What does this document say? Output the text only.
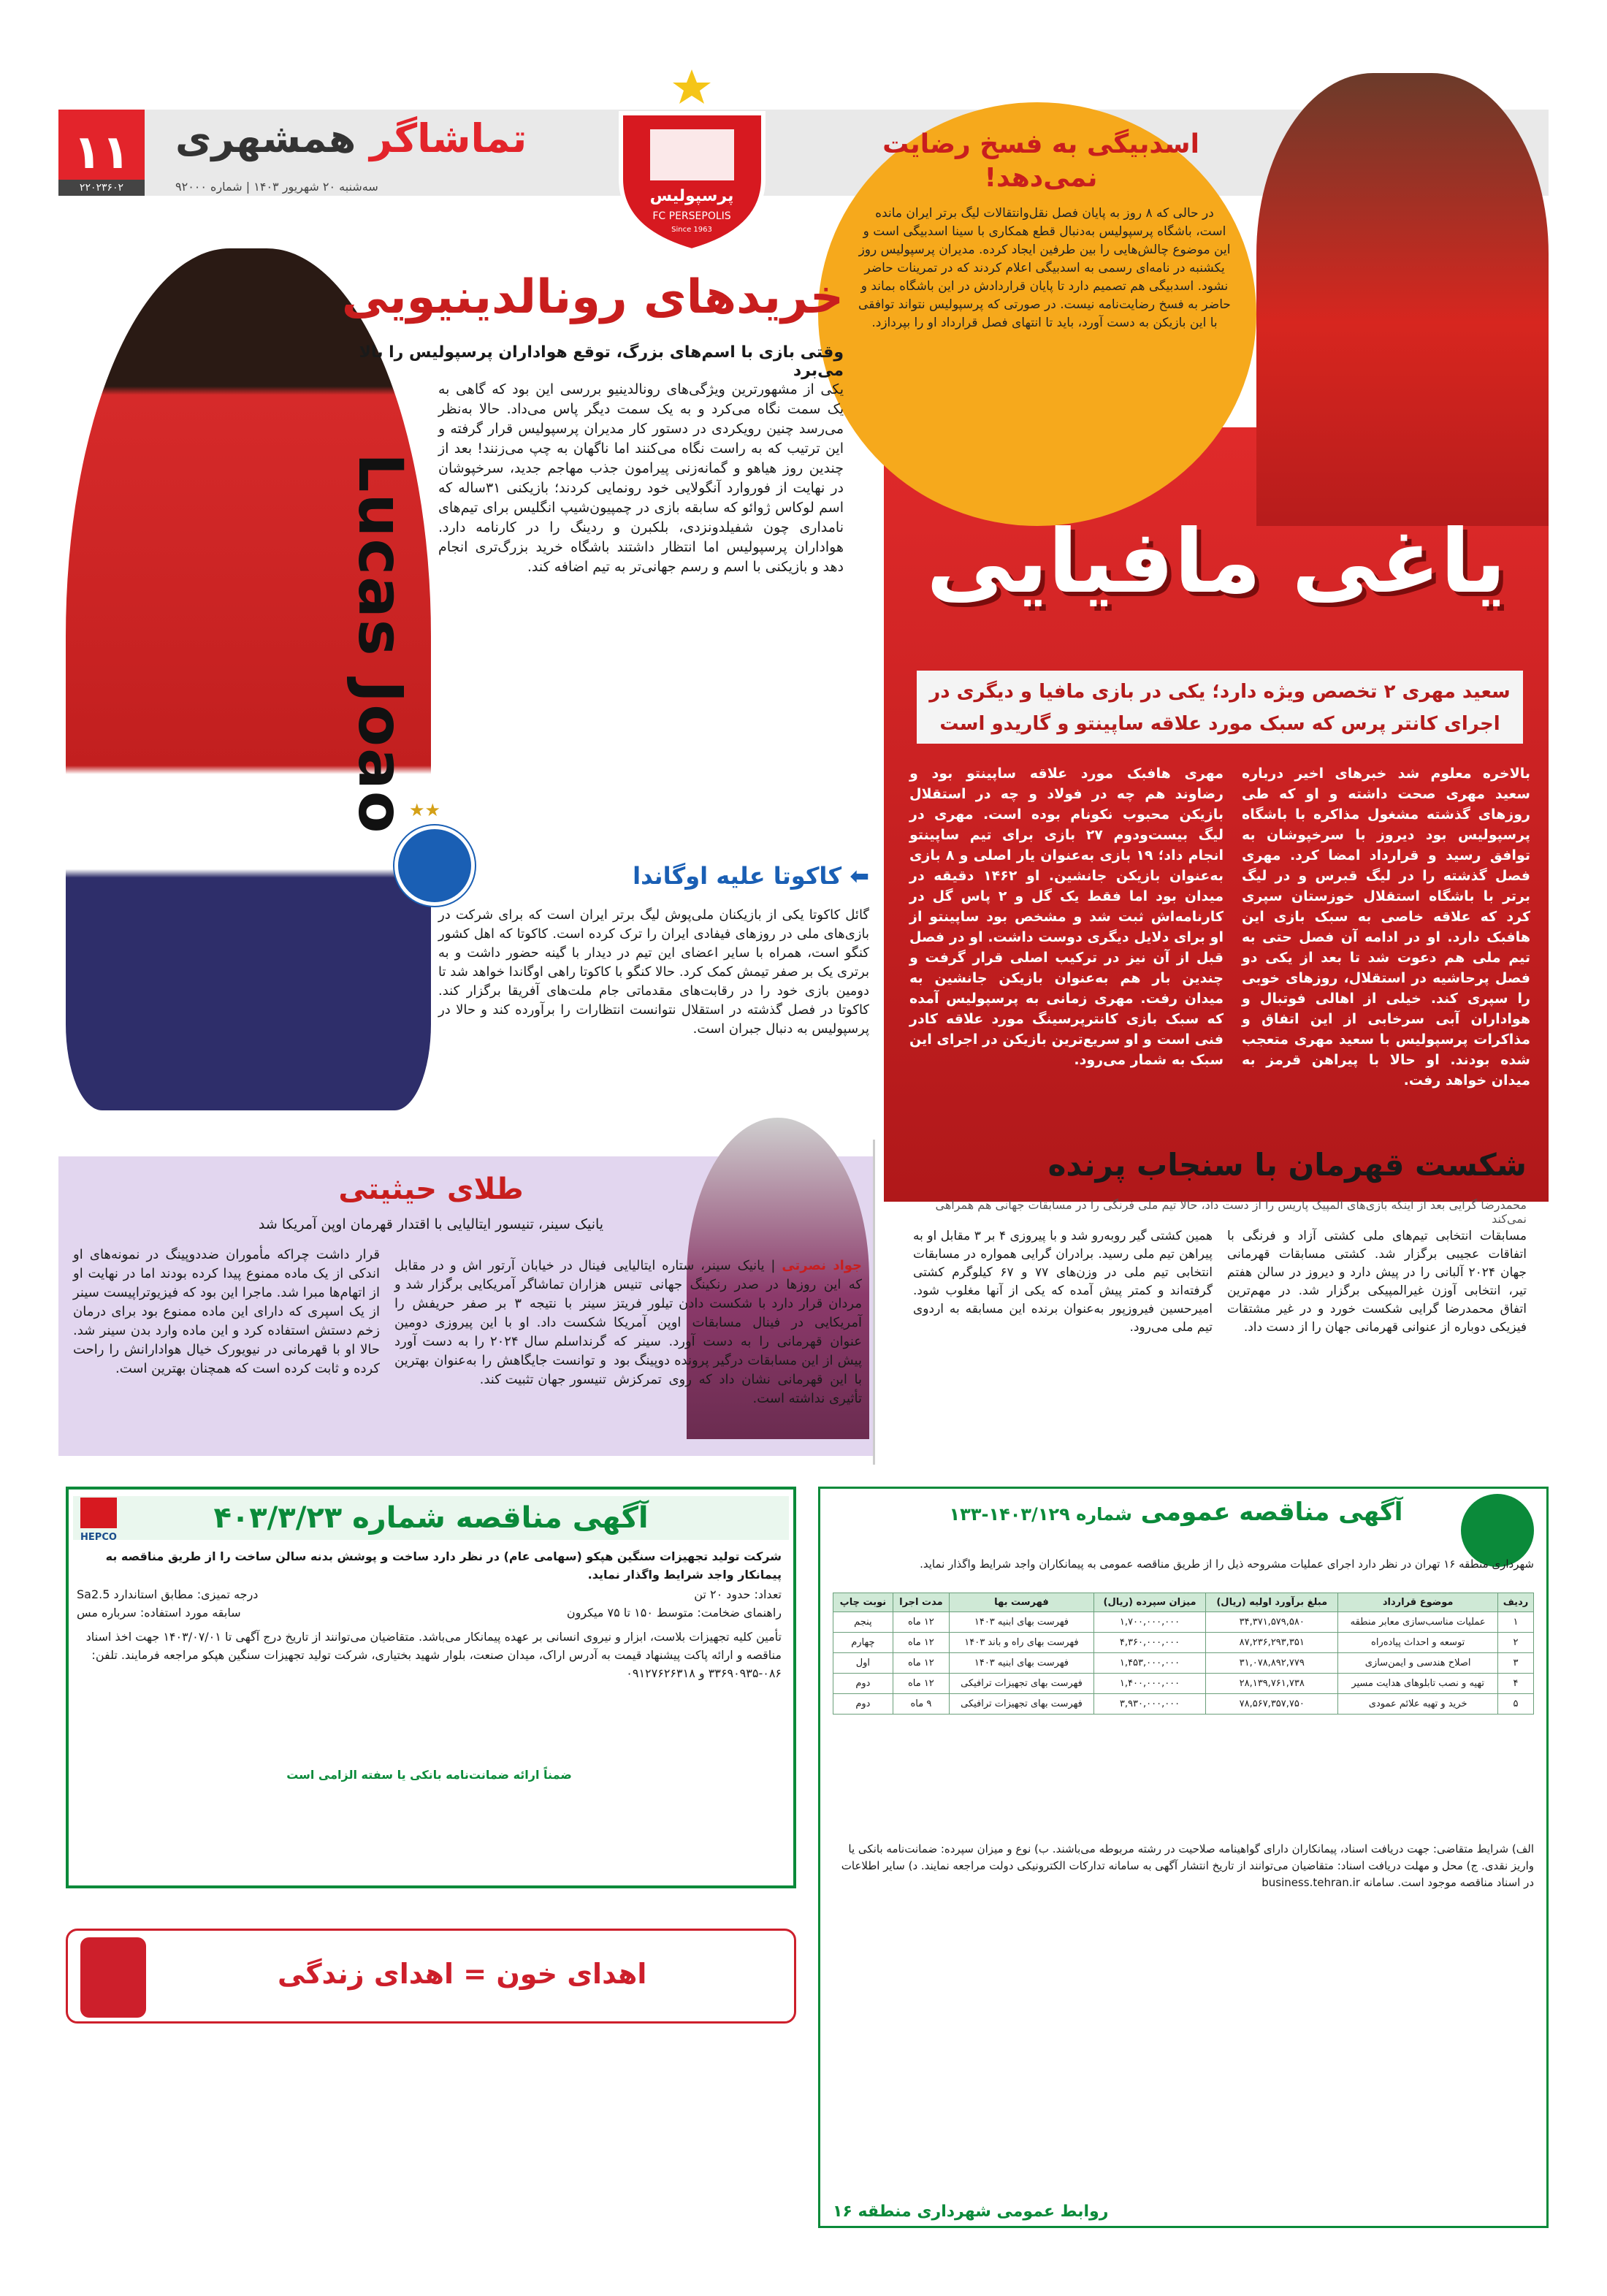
۱۱
۲۲۰۲۳۶۰۲
تماشاگر همشهری
سه‌شنبه ۲۰ شهریور ۱۴۰۳ | شماره ۹۲۰۰۰
پرسپولیس
FC PERSEPOLIS
Since 1963
اسدبیگی به فسخ رضایت نمی‌دهد!
در حالی که ۸ روز به پایان فصل نقل‌وانتقالات لیگ برتر ایران مانده است، باشگاه پرسپولیس به‌دنبال قطع همکاری با سینا اسدبیگی است و این موضوع چالش‌هایی را بین طرفین ایجاد کرده. مدیران پرسپولیس روز یکشنبه در نامه‌ای رسمی به اسدبیگی اعلام کردند که در تمرینات حاضر نشود. اسدبیگی هم تصمیم دارد تا پایان قراردادش در این باشگاه بماند و حاضر به فسخ رضایت‌نامه نیست. در صورتی که پرسپولیس نتواند توافقی با این بازیکن به دست آورد، باید تا انتهای فصل قرارداد او را بپردازد.
یاغی مافیایی
سعید مهری ۲ تخصص ویژه دارد؛ یکی در بازی مافیا و دیگری در اجرای کانتر پرس که سبک مورد علاقه ساپینتو و گاریدو است
بالاخره معلوم شد خبرهای اخیر درباره سعید مهری صحت داشته و او که طی روزهای گذشته مشغول مذاکره با باشگاه پرسپولیس بود دیروز با سرخپوشان به توافق رسید و قرارداد امضا کرد. مهری فصل گذشته را در لیگ قبرس و در لیگ برتر با باشگاه استقلال خوزستان سپری کرد که علاقه خاصی به سبک بازی این هافبک دارد. او در ادامه آن فصل حتی به تیم ملی هم دعوت شد تا بعد از یکی دو فصل پرحاشیه در استقلال، روزهای خوبی را سپری کند. خیلی از اهالی فوتبال و هواداران آبی سرخابی از این اتفاق و مذاکرات پرسپولیس با سعید مهری متعجب شده بودند. او حالا با پیراهن قرمز به میدان خواهد رفت.
مهری هافبک مورد علاقه ساپینتو بود و رضاوند هم چه در فولاد و چه در استقلال بازیکن محبوب نکونام بوده است. مهری در لیگ بیست‌ودوم ۲۷ بازی برای تیم ساپینتو انجام داد؛ ۱۹ بازی به‌عنوان یار اصلی و ۸ بازی به‌عنوان بازیکن جانشین. او ۱۴۶۲ دقیقه در میدان بود اما فقط یک گل و ۲ پاس گل در کارنامه‌اش ثبت شد و مشخص بود ساپینتو از او برای دلایل دیگری دوست داشت. او در فصل قبل از آن نیز در ترکیب اصلی قرار گرفت و چندین بار هم به‌عنوان بازیکن جانشین به میدان رفت. مهری زمانی به پرسپولیس آمده که سبک بازی کانترپرسینگ مورد علاقه کادر فنی است و او سریع‌ترین بازیکن در اجرای این سبک به شمار می‌رود.
خریدهای رونالدینیویی
وقتی بازی با اسم‌های بزرگ، توقع هواداران پرسپولیس را بالا می‌برد
یکی از مشهورترین ویژگی‌های رونالدینیو بررسی این بود که گاهی به یک سمت نگاه می‌کرد و به یک سمت دیگر پاس می‌داد. حالا به‌نظر می‌رسد چنین رویکردی در دستور کار مدیران پرسپولیس قرار گرفته و این ترتیب که به راست نگاه می‌کنند اما ناگهان به چپ می‌زنند! بعد از چندین روز هیاهو و گمانه‌زنی پیرامون جذب مهاجم جدید، سرخپوشان در نهایت از فوروارد آنگولایی خود رونمایی کردند؛ بازیکنی ۳۱ساله که اسم لوکاس ژوائو که سابقه بازی در چمپیون‌شیپ انگلیس برای تیم‌های نامداری چون شفیلدونزدی، بلکبرن و ردینگ را در کارنامه دارد. هواداران پرسپولیس اما انتظار داشتند باشگاه خرید بزرگ‌تری انجام دهد و بازیکنی با اسم و رسم جهانی‌تر به تیم اضافه کند.
Lucas Joao
★★
⬅ کاکوتا علیه اوگاندا
گائل کاکوتا یکی از بازیکنان ملی‌پوش لیگ برتر ایران است که برای شرکت در بازی‌های ملی در روزهای فیفادی ایران را ترک کرده است. کاکوتا که اهل کشور کنگو است، همراه با سایر اعضای این تیم در دیدار با گینه حضور داشت و به برتری یک بر صفر تیمش کمک کرد. حالا کنگو با کاکوتا راهی اوگاندا خواهد شد تا دومین بازی خود را در رقابت‌های مقدماتی جام ملت‌های آفریقا برگزار کند. کاکوتا در فصل گذشته در استقلال نتوانست انتظارات را برآورده کند و حالا در پرسپولیس به دنبال جبران است.
طلای حیثیتی
یانیک سینر، تنیسور ایتالیایی با اقتدار قهرمان اوپن آمریکا شد
جواد نصرتی | یانیک سینر، ستاره ایتالیایی که این روزها در صدر رنکینگ جهانی تنیس مردان قرار دارد با شکست دادن تیلور فریتز آمریکایی در فینال مسابقات اوپن آمریکا عنوان قهرمانی را به دست آورد. سینر که پیش از این مسابقات درگیر پرونده دوپینگ بود با این قهرمانی نشان داد که روی تمرکزش تأثیری نداشته است.
فینال در خیابان آرتور اش و در مقابل هزاران تماشاگر آمریکایی برگزار شد و سینر با نتیجه ۳ بر صفر حریفش را شکست داد. او با این پیروزی دومین گرنداسلم سال ۲۰۲۴ را به دست آورد و توانست جایگاهش را به‌عنوان بهترین تنیسور جهان تثبیت کند.
قرار داشت چراکه مأموران ضددوپینگ در نمونه‌های او اندکی از یک ماده ممنوع پیدا کرده بودند اما در نهایت او از اتهام‌ها مبرا شد. ماجرا این بود که فیزیوتراپیست سینر از یک اسپری که دارای این ماده ممنوع بود برای درمان زخم دستش استفاده کرد و این ماده وارد بدن سینر شد. حالا او با قهرمانی در نیویورک خیال هوادارانش را راحت کرده و ثابت کرده است که همچنان بهترین است.
شکست قهرمان با سنجاب پرنده
محمدرضا گرایی بعد از اینکه بازی‌های المپیک پاریس را از دست داد، حالا تیم ملی فرنگی را در مسابقات جهانی هم همراهی نمی‌کند
مسابقات انتخابی تیم‌های ملی کشتی آزاد و فرنگی با اتفاقات عجیبی برگزار شد. کشتی مسابقات قهرمانی جهان ۲۰۲۴ آلبانی را در پیش دارد و دیروز در سالن هفتم تیر، انتخابی آوزن غیرالمپیکی برگزار شد. در مهم‌ترین اتفاق محمدرضا گرایی شکست خورد و در غیر مشتقات فیزیکی دوباره از عنوانی قهرمانی جهان را از دست داد.
همین کشتی گیر روبه‌رو شد و با پیروزی ۴ بر ۳ مقابل او به پیراهن تیم ملی رسید. برادران گرایی همواره در مسابقات انتخابی تیم ملی در وزن‌های ۷۷ و ۶۷ کیلوگرم کشتی گرفته‌اند و کمتر پیش آمده که یکی از آنها مغلوب شود. امیرحسین فیروزپور به‌عنوان برنده این مسابقه به اردوی تیم ملی می‌رود.
آگهی مناقصه شماره ۴۰۳/۳/۲۳
HEPCO

شرکت تولید تجهیزات سنگین هپکو (سهامی عام) در نظر دارد ساخت و پوشش بدنه سالن ساخت را از طریق مناقصه به پیمانکار واجد شرایط واگذار نماید.

تعداد: حدود ۲۰ تن
درجه تمیزی: مطابق استاندارد Sa2.5
راهنمای ضخامت: متوسط ۱۵۰ تا ۷۵ میکرون
سابقه مورد استفاده: سرباره مس

تأمین کلیه تجهیزات بلاست، ابزار و نیروی انسانی بر عهده پیمانکار می‌باشد. متقاضیان می‌توانند از تاریخ درج آگهی تا ۱۴۰۳/۰۷/۰۱ جهت اخذ اسناد مناقصه و ارائه پاکت پیشنهاد قیمت به آدرس اراک، میدان صنعت، بلوار شهید بختیاری، شرکت تولید تجهیزات سنگین هپکو مراجعه فرمایند. تلفن: ۰۸۶-۳۳۶۹۰۹۳۵ و ۰۹۱۲۷۶۲۶۳۱۸

ضمناً ارائه ضمانت‌نامه بانکی یا سفته الزامی است
اهدای خون = اهدای زندگی
آگهی مناقصه عمومی شماره ۱۴۰۳/۱۲۹-۱۳۳
شهرداری منطقه ۱۶ تهران در نظر دارد اجرای عملیات مشروحه ذیل را از طریق مناقصه عمومی به پیمانکاران واجد شرایط واگذار نماید.
ردیف	موضوع قرارداد	مبلغ برآورد اولیه (ریال)	میزان سپرده (ریال)	فهرست بها	مدت اجرا	نوبت چاپ
۱	عملیات مناسب‌سازی معابر منطقه	۳۴,۳۷۱,۵۷۹,۵۸۰	۱,۷۰۰,۰۰۰,۰۰۰	فهرست بهای ابنیه ۱۴۰۳	۱۲ ماه	پنجم
۲	توسعه و احداث پیاده‌راه	۸۷,۲۳۶,۲۹۳,۳۵۱	۴,۳۶۰,۰۰۰,۰۰۰	فهرست بهای راه و باند ۱۴۰۳	۱۲ ماه	چهارم
۳	اصلاح هندسی و ایمن‌سازی	۳۱,۰۷۸,۸۹۲,۷۷۹	۱,۴۵۳,۰۰۰,۰۰۰	فهرست بهای ابنیه ۱۴۰۳	۱۲ ماه	اول
۴	تهیه و نصب تابلوهای هدایت مسیر	۲۸,۱۳۹,۷۶۱,۷۳۸	۱,۴۰۰,۰۰۰,۰۰۰	فهرست بهای تجهیزات ترافیکی	۱۲ ماه	دوم
۵	خرید و تهیه علائم عمودی	۷۸,۵۶۷,۳۵۷,۷۵۰	۳,۹۳۰,۰۰۰,۰۰۰	فهرست بهای تجهیزات ترافیکی	۹ ماه	دوم
الف) شرایط متقاضی: جهت دریافت اسناد، پیمانکاران دارای گواهینامه صلاحیت در رشته مربوطه می‌باشند. ب) نوع و میزان سپرده: ضمانت‌نامه بانکی یا واریز نقدی. ج) محل و مهلت دریافت اسناد: متقاضیان می‌توانند از تاریخ انتشار آگهی به سامانه تدارکات الکترونیکی دولت مراجعه نمایند. د) سایر اطلاعات در اسناد مناقصه موجود است. سامانه business.tehran.ir
روابط عمومی شهرداری منطقه ۱۶
